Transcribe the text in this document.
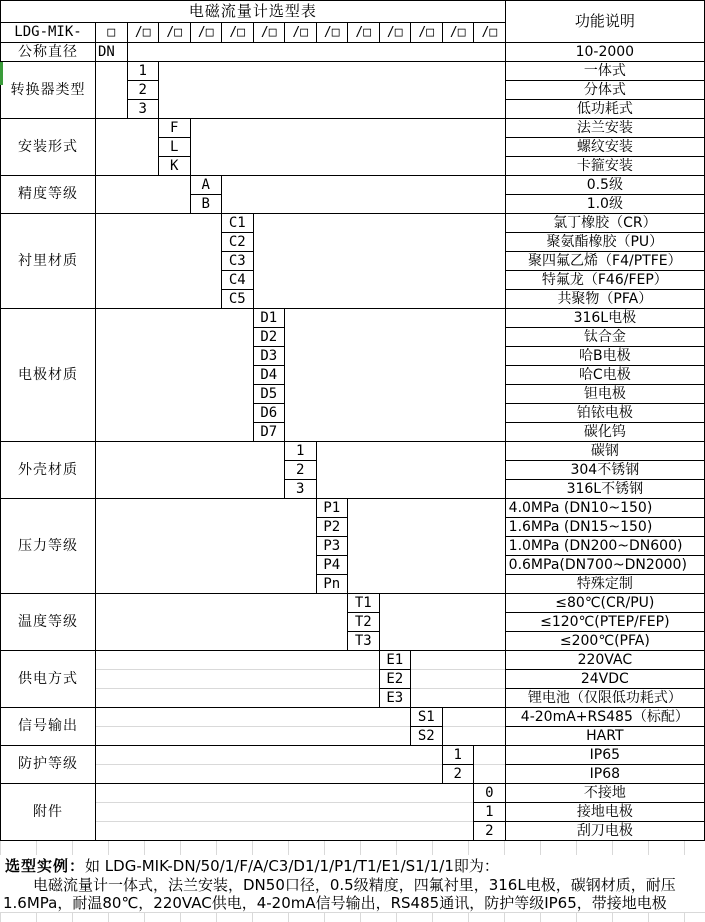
电磁流量计选型表														功能说明
LDG-MIK-	□	/□	/□	/□	/□	/□	/□	/□	/□	/□	/□	/□	/□	
公称直径	DN													10-2000
转换器类型		1												一体式
		2												分体式
		3												低功耗式
安装形式			F											法兰安装
			L											螺纹安装
			K											卡箍安装
精度等级				A										0.5级
				B										1.0级
衬里材质					C1									氯丁橡胶（CR）
					C2									聚氨酯橡胶（PU）
					C3									聚四氟乙烯（F4/PTFE）
					C4									特氟龙（F46/FEP）
					C5									共聚物（PFA）
电极材质						D1								316L电极
						D2								钛合金
						D3								哈B电极
						D4								哈C电极
						D5								钽电极
						D6								铂铱电极
						D7								碳化钨
外壳材质							1							碳钢
							2							304不锈钢
							3							316L不锈钢
压力等级								P1						4.0MPa (DN10~150)
								P2						1.6MPa (DN15~150)
								P3						1.0MPa (DN200~DN600)
								P4						0.6MPa(DN700~DN2000)
								Pn						特殊定制
温度等级									T1					≤80℃(CR/PU)
									T2					≤120℃(PTEP/FEP)
									T3					≤200℃(PFA)
供电方式										E1				220VAC
										E2				24VDC
										E3				锂电池（仅限低功耗式）
信号输出											S1			4-20mA+RS485（标配）
											S2			HART
防护等级												1		IP65
												2		IP68
附件													0	不接地
													1	接地电极
													2	刮刀电极
选型实例：如 LDG-MIK-DN/50/1/F/A/C3/D1/1/P1/T1/E1/S1/1/1即为：
电磁流量计一体式，法兰安装，DN50口径，0.5级精度，四氟衬里，316L电极，碳钢材质，耐压
1.6MPa，耐温80℃，220VAC供电，4-20mA信号输出，RS485通讯，防护等级IP65，带接地电极
